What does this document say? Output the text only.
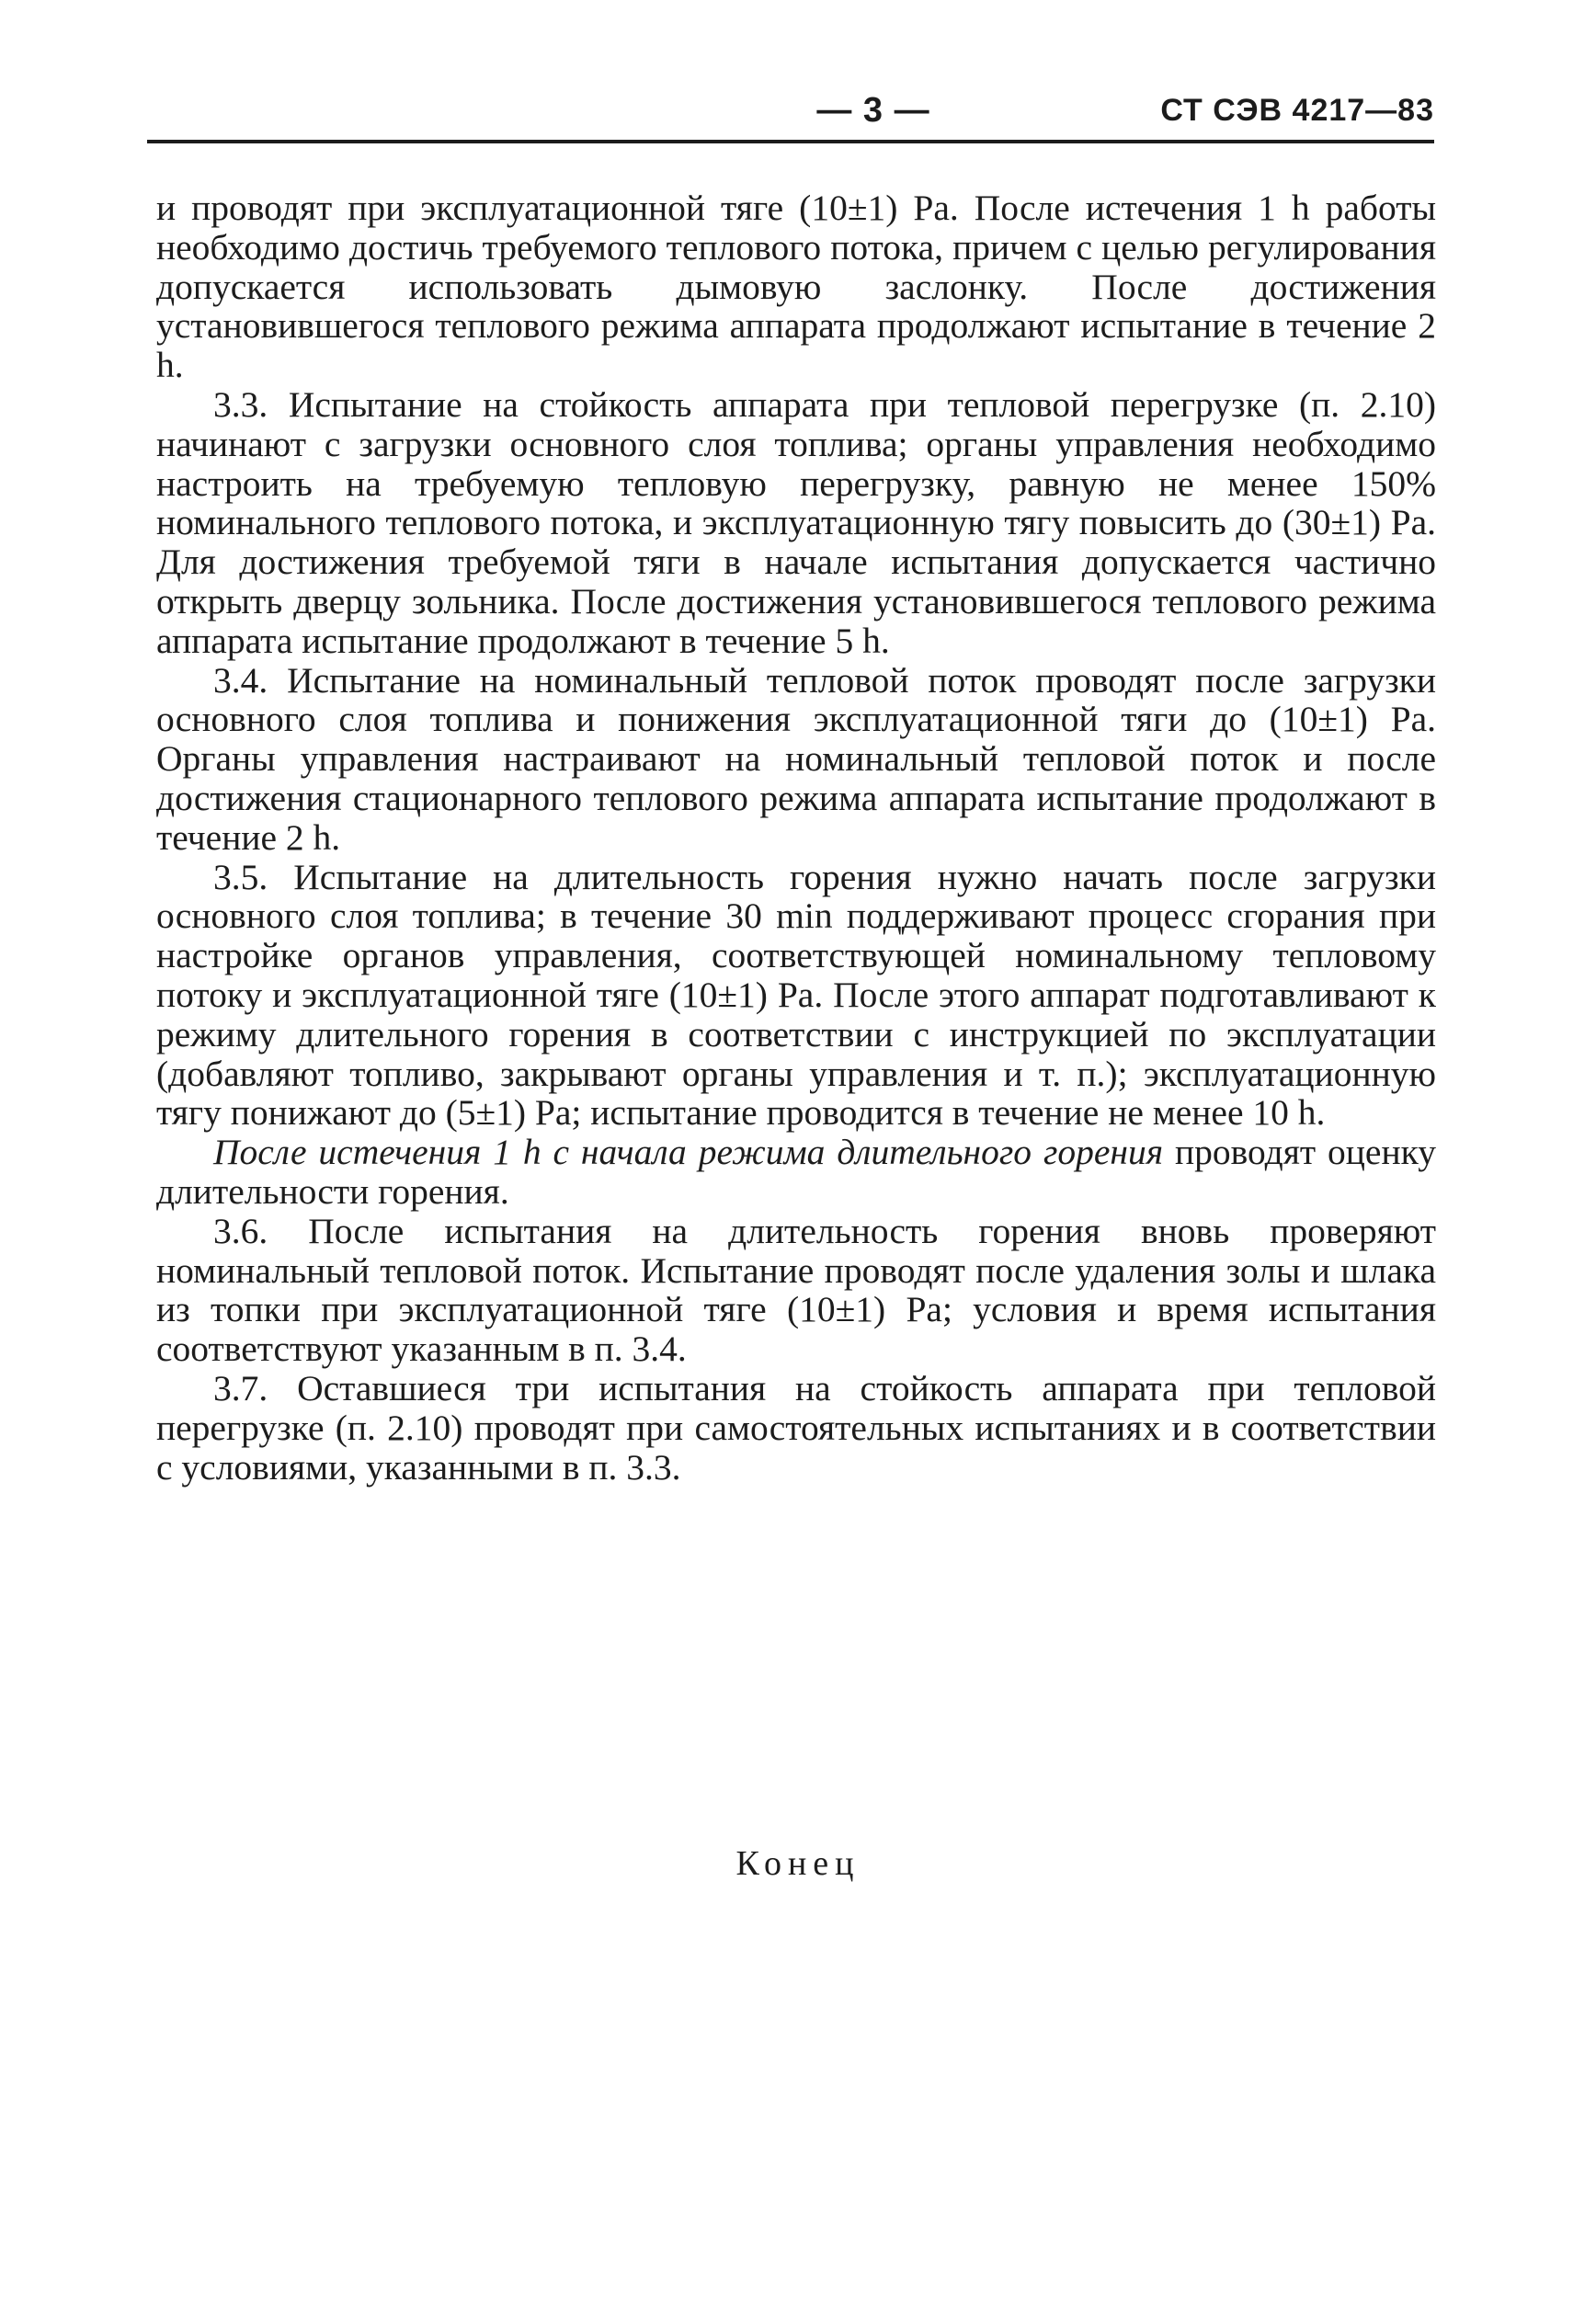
— 3 —	СТ СЭВ 4217—83

и проводят при эксплуатационной тяге (10±1) Pa. После истечения 1 h работы необходимо достичь требуемого теплового потока, причем с целью регулирования допускается использовать дымовую заслонку. После достижения установившегося теплового режима аппарата продолжают испытание в течение 2 h.

3.3. Испытание на стойкость аппарата при тепловой перегрузке (п. 2.10) начинают с загрузки основного слоя топлива; органы управления необходимо настроить на требуемую тепловую перегрузку, равную не менее 150% номинального теплового потока, и эксплуатационную тягу повысить до (30±1) Pa. Для достижения требуемой тяги в начале испытания допускается частично открыть дверцу зольника. После достижения установившегося теплового режима аппарата испытание продолжают в течение 5 h.

3.4. Испытание на номинальный тепловой поток проводят после загрузки основного слоя топлива и понижения эксплуатационной тяги до (10±1) Pa. Органы управления настраивают на номинальный тепловой поток и после достижения стационарного теплового режима аппарата испытание продолжают в течение 2 h.

3.5. Испытание на длительность горения нужно начать после загрузки основного слоя топлива; в течение 30 min поддерживают процесс сгорания при настройке органов управления, соответствующей номинальному тепловому потоку и эксплуатационной тяге (10±1) Pa. После этого аппарат подготавливают к режиму длительного горения в соответствии с инструкцией по эксплуатации (добавляют топливо, закрывают органы управления и т. п.); эксплуатационную тягу понижают до (5±1) Pa; испытание проводится в течение не менее 10 h.

После истечения 1 h с начала режима длительного горения проводят оценку длительности горения.

3.6. После испытания на длительность горения вновь проверяют номинальный тепловой поток. Испытание проводят после удаления золы и шлака из топки при эксплуатационной тяге (10±1) Pa; условия и время испытания соответствуют указанным в п. 3.4.

3.7. Оставшиеся три испытания на стойкость аппарата при тепловой перегрузке (п. 2.10) проводят при самостоятельных испытаниях и в соответствии с условиями, указанными в п. 3.3.

Конец
